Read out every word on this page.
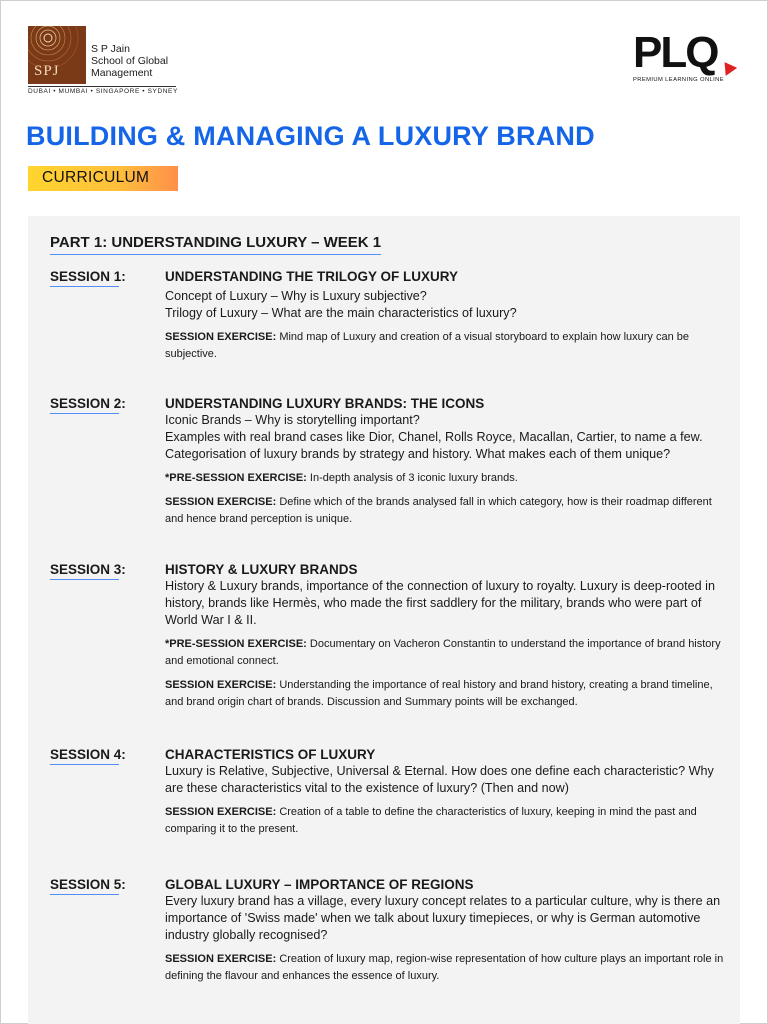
SPJ
S P Jain
School of Global
Management
DUBAI • MUMBAI • SINGAPORE • SYDNEY
PLQ
PREMIUM LEARNING ONLINE
BUILDING & MANAGING A LUXURY BRAND
CURRICULUM
PART 1: UNDERSTANDING LUXURY – WEEK 1
SESSION 1:	UNDERSTANDING THE TRILOGY OF LUXURY

Concept of Luxury – Why is Luxury subjective?

Trilogy of Luxury – What are the main characteristics of luxury?

SESSION EXERCISE: Mind map of Luxury and creation of a visual storyboard to explain how luxury can be subjective.
SESSION 2:	UNDERSTANDING LUXURY BRANDS: THE ICONS

Iconic Brands – Why is storytelling important?

Examples with real brand cases like Dior, Chanel, Rolls Royce, Macallan, Cartier, to name a few.

Categorisation of luxury brands by strategy and history. What makes each of them unique?

*PRE-SESSION EXERCISE: In-depth analysis of 3 iconic luxury brands.
SESSION EXERCISE: Define which of the brands analysed fall in which category, how is their roadmap different and hence brand perception is unique.
SESSION 3:	HISTORY & LUXURY BRANDS

History & Luxury brands, importance of the connection of luxury to royalty. Luxury is deep-rooted in history, brands like Hermès, who made the first saddlery for the military, brands who were part of World War I & II.

*PRE-SESSION EXERCISE: Documentary on Vacheron Constantin to understand the importance of brand history and emotional connect.
SESSION EXERCISE: Understanding the importance of real history and brand history, creating a brand timeline, and brand origin chart of brands. Discussion and Summary points will be exchanged.
SESSION 4:	CHARACTERISTICS OF LUXURY

Luxury is Relative, Subjective, Universal & Eternal. How does one define each characteristic? Why are these characteristics vital to the existence of luxury? (Then and now)

SESSION EXERCISE: Creation of a table to define the characteristics of luxury, keeping in mind the past and comparing it to the present.
SESSION 5:	GLOBAL LUXURY – IMPORTANCE OF REGIONS

Every luxury brand has a village, every luxury concept relates to a particular culture, why is there an importance of 'Swiss made' when we talk about luxury timepieces, or why is German automotive industry globally recognised?

SESSION EXERCISE: Creation of luxury map, region-wise representation of how culture plays an important role in defining the flavour and enhances the essence of luxury.
